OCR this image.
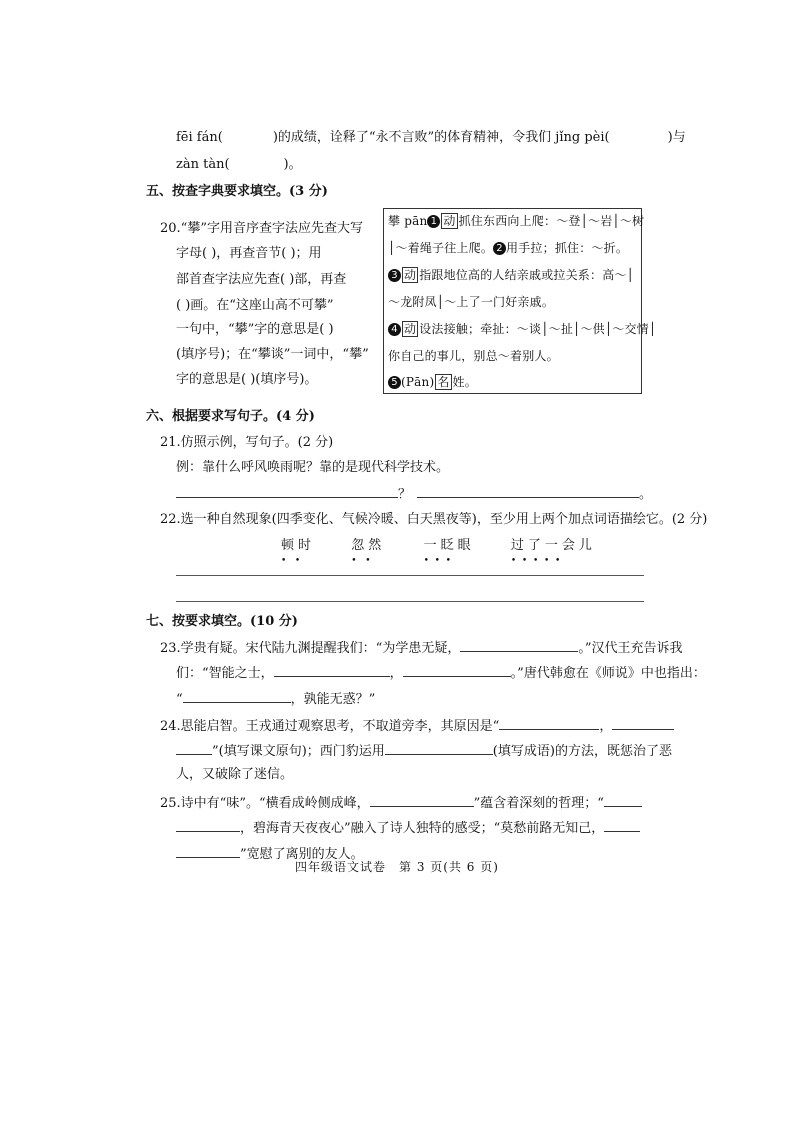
fēi fán(	)的成绩，诠释了“永不言败”的体育精神，令我们 jǐng pèi(	)与
zàn tàn(	)。
五、按查字典要求填空。(3 分)
20.“攀”字用音序查字法应先查大写
字母( )，再查音节( )；用
部首查字法应先查( )部，再查
( )画。在“这座山高不可攀”
一句中，“攀”字的意思是( )
(填序号)；在“攀谈”一词中，“攀”
字的意思是( )(填序号)。
攀 pān 1 动 抓住东西向上爬：～登│～岩│～树
│～着绳子往上爬。 2 用手拉；抓住：～折。
3 动 指跟地位高的人结亲戚或拉关系：高～│
～龙附凤│～上了一门好亲戚。
4 动 设法接触；牵扯：～谈│～扯│～供│～交情│
你自己的事儿，别总～着别人。
5 (Pān) 名 姓。
六、根据要求写句子。(4 分)
21.仿照示例，写句子。(2 分)
例：靠什么呼风唤雨呢？靠的是现代科学技术。
？	。
22.选一种自然现象(四季变化、气候冷暖、白天黑夜等)，至少用上两个加点词语描绘它。(2 分)
顿时
•   •
忽然
•   •
一眨眼
•  •  •
过了一会儿
•  •  •  •  •
七、按要求填空。(10 分)
23.学贵有疑。宋代陆九渊提醒我们：“为学患无疑，	。”汉代王充告诉我
们：“智能之士，	，	。”唐代韩愈在《师说》中也指出：
“	，孰能无惑？”
24.思能启智。王戎通过观察思考，不取道旁李，其原因是“	，
”(填写课文原句)；西门豹运用	(填写成语)的方法，既惩治了恶
人，又破除了迷信。
25.诗中有“味”。“横看成岭侧成峰，	”蕴含着深刻的哲理；“
，碧海青天夜夜心”融入了诗人独特的感受；“莫愁前路无知己，
”宽慰了离别的友人。
四年级语文试卷　第 3 页(共 6 页)
